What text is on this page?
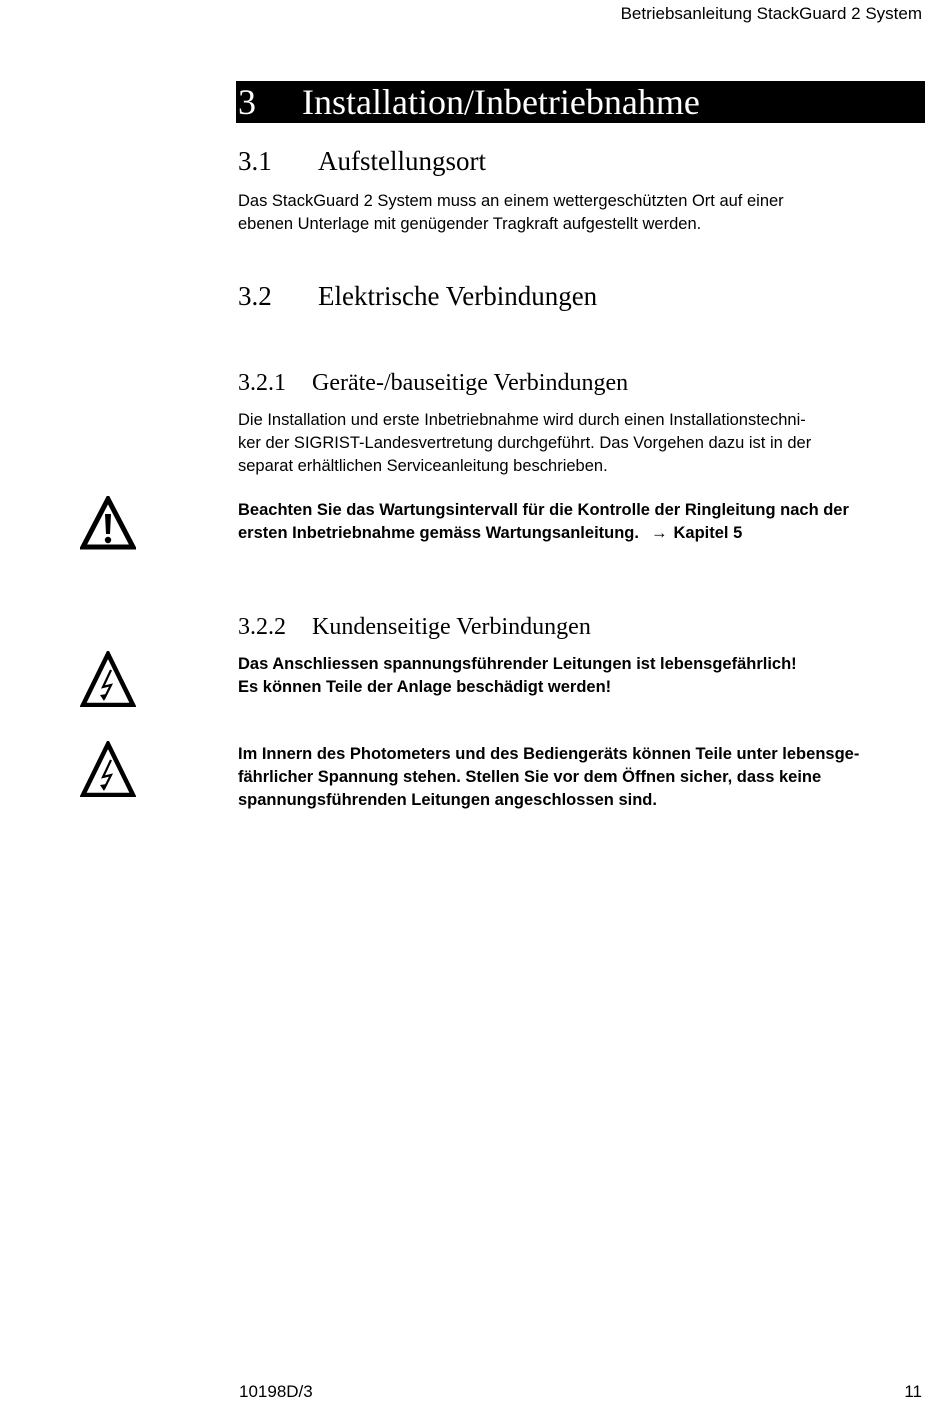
Betriebsanleitung StackGuard 2 System
3 Installation/Inbetriebnahme
3.1 Aufstellungsort

Das StackGuard 2 System muss an einem wettergeschützten Ort auf einer

ebenen Unterlage mit genügender Tragkraft aufgestellt werden.

3.2 Elektrische Verbindungen
3.2.1 Geräte-/bauseitige Verbindungen

Die Installation und erste Inbetriebnahme wird durch einen Installationstechni-

ker der SIGRIST-Landesvertretung durchgeführt. Das Vorgehen dazu ist in der

separat erhältlichen Serviceanleitung beschrieben.

Beachten Sie das Wartungsintervall für die Kontrolle der Ringleitung nach der

ersten Inbetriebnahme gemäss Wartungsanleitung. → Kapitel 5

3.2.2 Kundenseitige Verbindungen

Das Anschliessen spannungsführender Leitungen ist lebensgefährlich!

Es können Teile der Anlage beschädigt werden!

Im Innern des Photometers und des Bediengeräts können Teile unter lebensge-

fährlicher Spannung stehen. Stellen Sie vor dem Öffnen sicher, dass keine

spannungsführenden Leitungen angeschlossen sind.

10198D/3	11
